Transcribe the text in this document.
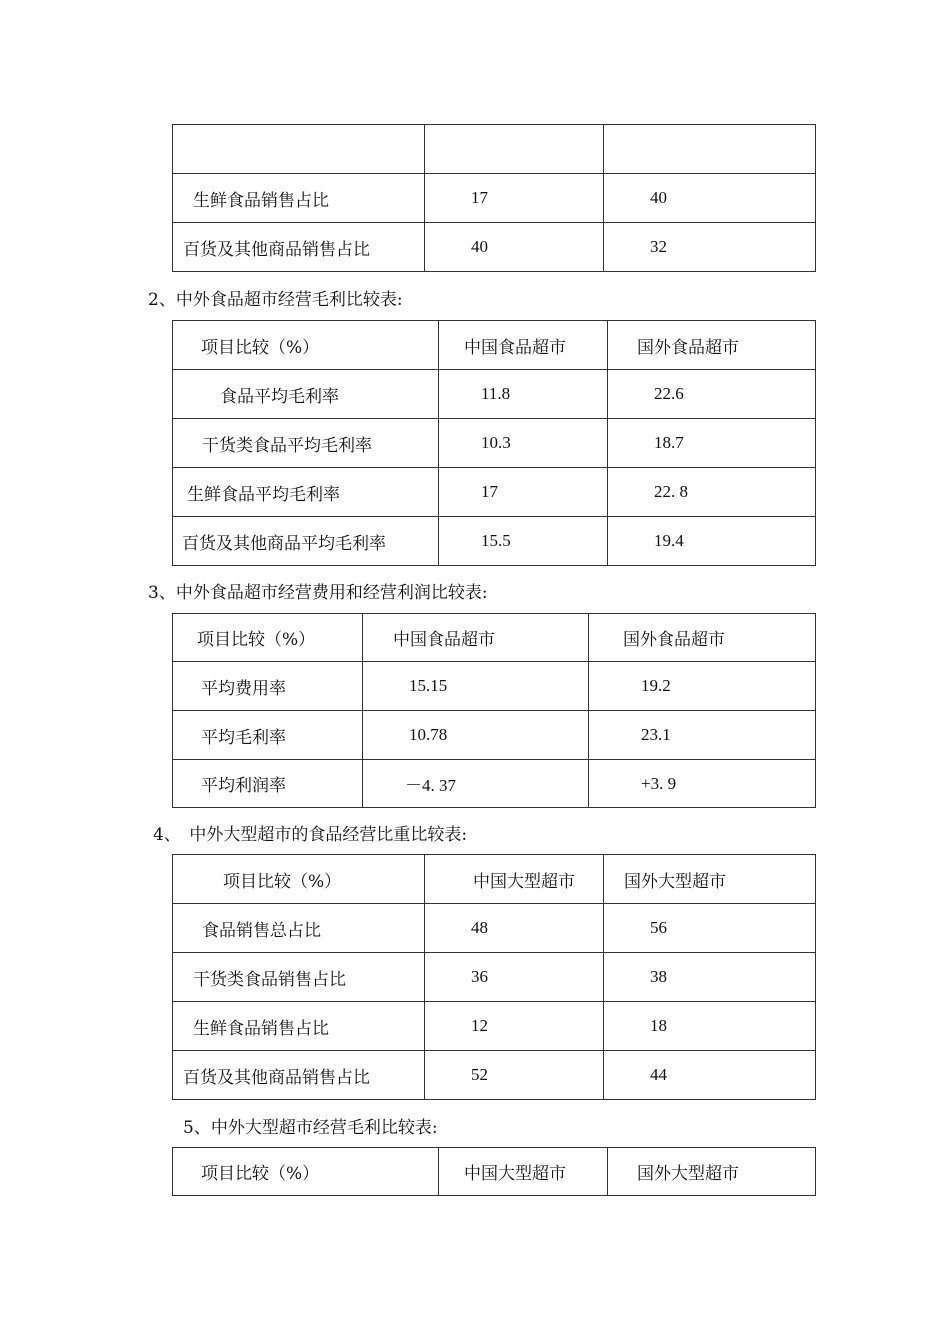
生鲜食品销售占比	17	40
百货及其他商品销售占比	40	32
2、中外食品超市经营毛利比较表:
项目比较（%）	中国食品超市	国外食品超市
食品平均毛利率	11.8	22.6
干货类食品平均毛利率	10.3	18.7
生鲜食品平均毛利率	17	22. 8
百货及其他商品平均毛利率	15.5	19.4
3、中外食品超市经营费用和经营利润比较表:
项目比较（%）	中国食品超市	国外食品超市
平均费用率	15.15	19.2
平均毛利率	10.78	23.1
平均利润率	－4. 37	+3. 9
4、　中外大型超市的食品经营比重比较表:
项目比较（%）	中国大型超市	国外大型超市
食品销售总占比	48	56
干货类食品销售占比	36	38
生鲜食品销售占比	12	18
百货及其他商品销售占比	52	44
5、中外大型超市经营毛利比较表:
项目比较（%）	中国大型超市	国外大型超市
